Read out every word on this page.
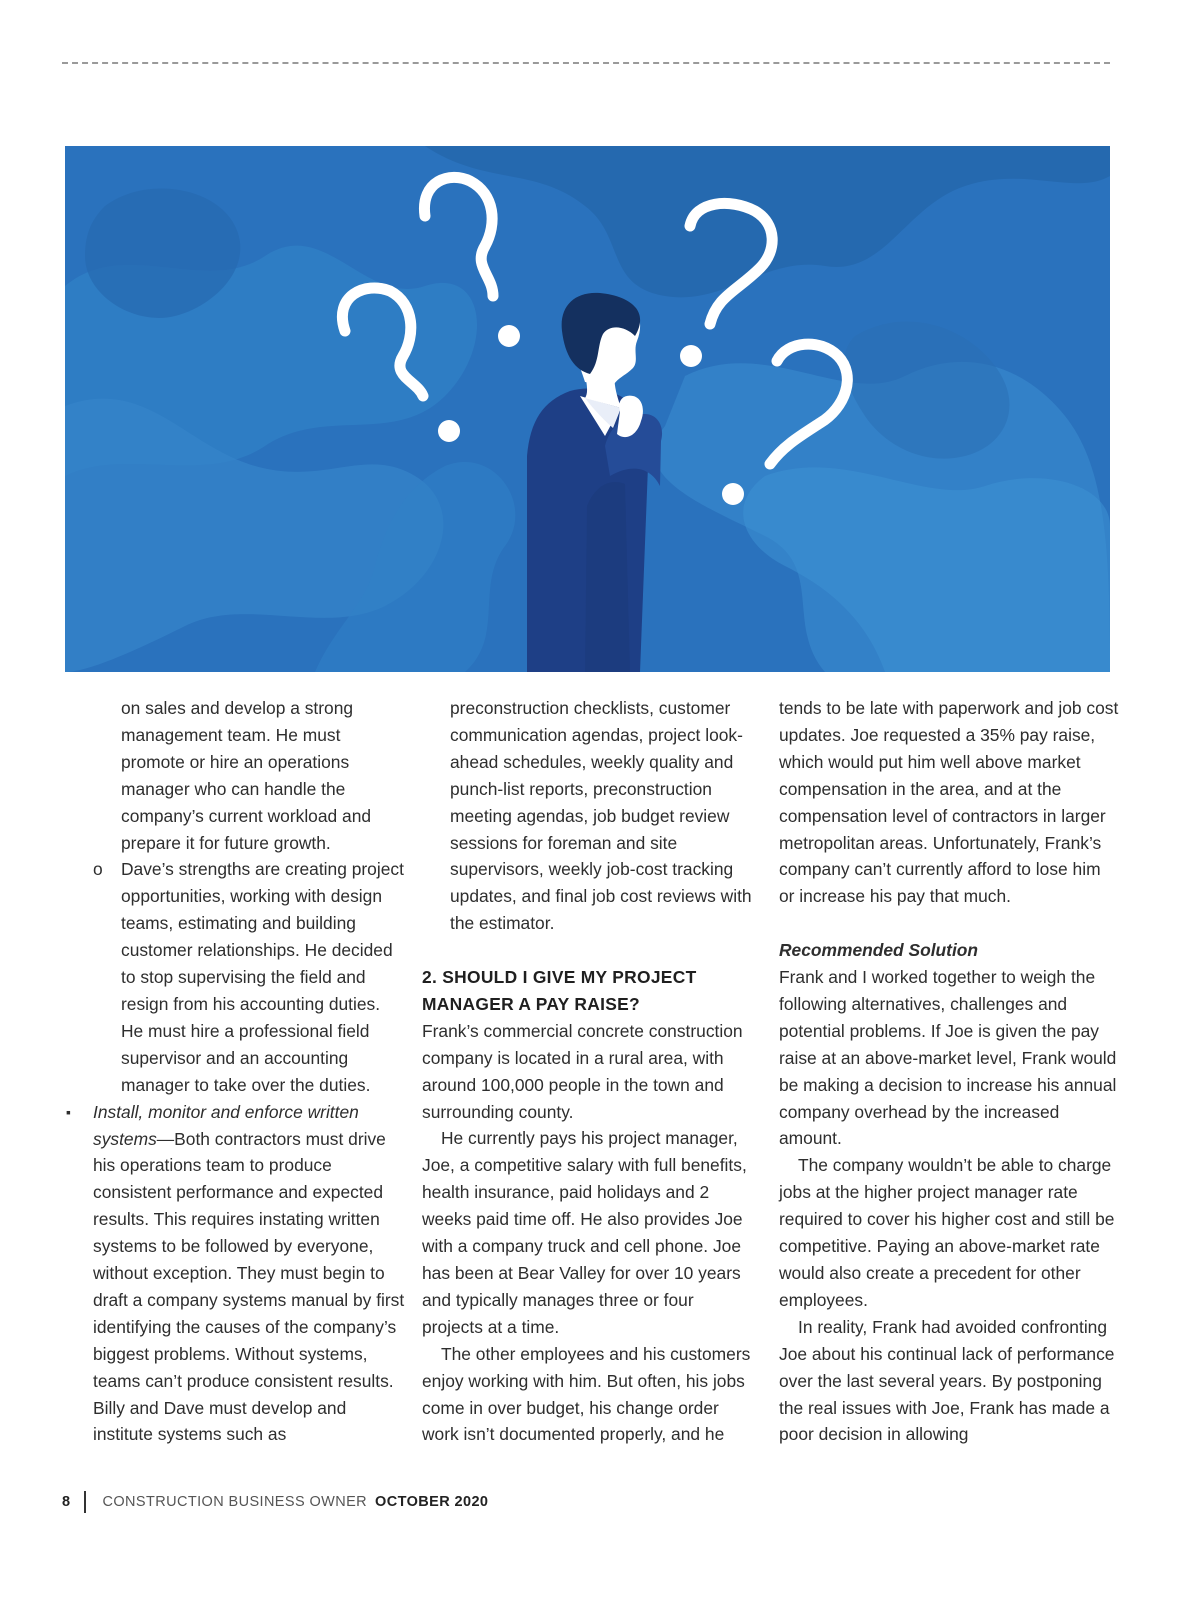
on sales and develop a strong management team. He must promote or hire an operations manager who can handle the company’s current workload and prepare it for future growth.

o Dave’s strengths are creating project opportunities, working with design teams, estimating and building customer relationships. He decided to stop supervising the field and resign from his accounting duties. He must hire a professional field supervisor and an accounting manager to take over the duties.

▪ Install, monitor and enforce written systems—Both contractors must drive his operations team to produce consistent performance and expected results. This requires instating written systems to be followed by everyone, without exception. They must begin to draft a company systems manual by first identifying the causes of the company’s biggest problems. Without systems, teams can’t produce consistent results. Billy and Dave must develop and institute systems such as

preconstruction checklists, customer communication agendas, project look-ahead schedules, weekly quality and punch-list reports, preconstruction meeting agendas, job budget review sessions for foreman and site supervisors, weekly job-cost tracking updates, and final job cost reviews with the estimator.

2. SHOULD I GIVE MY PROJECT MANAGER A PAY RAISE?

Frank’s commercial concrete construction company is located in a rural area, with around 100,000 people in the town and surrounding county.

He currently pays his project manager, Joe, a competitive salary with full benefits, health insurance, paid holidays and 2 weeks paid time off. He also provides Joe with a company truck and cell phone. Joe has been at Bear Valley for over 10 years and typically manages three or four projects at a time.

The other employees and his customers enjoy working with him. But often, his jobs come in over budget, his change order work isn’t documented properly, and he

tends to be late with paperwork and job cost updates. Joe requested a 35% pay raise, which would put him well above market compensation in the area, and at the compensation level of contractors in larger metropolitan areas. Unfortunately, Frank’s company can’t currently afford to lose him or increase his pay that much.

Recommended Solution

Frank and I worked together to weigh the following alternatives, challenges and potential problems. If Joe is given the pay raise at an above-market level, Frank would be making a decision to increase his annual company overhead by the increased amount.

The company wouldn’t be able to charge jobs at the higher project manager rate required to cover his higher cost and still be competitive. Paying an above-market rate would also create a precedent for other employees.

In reality, Frank had avoided confronting Joe about his continual lack of performance over the last several years. By postponing the real issues with Joe, Frank has made a poor decision in allowing

8 CONSTRUCTION BUSINESS OWNER OCTOBER 2020
